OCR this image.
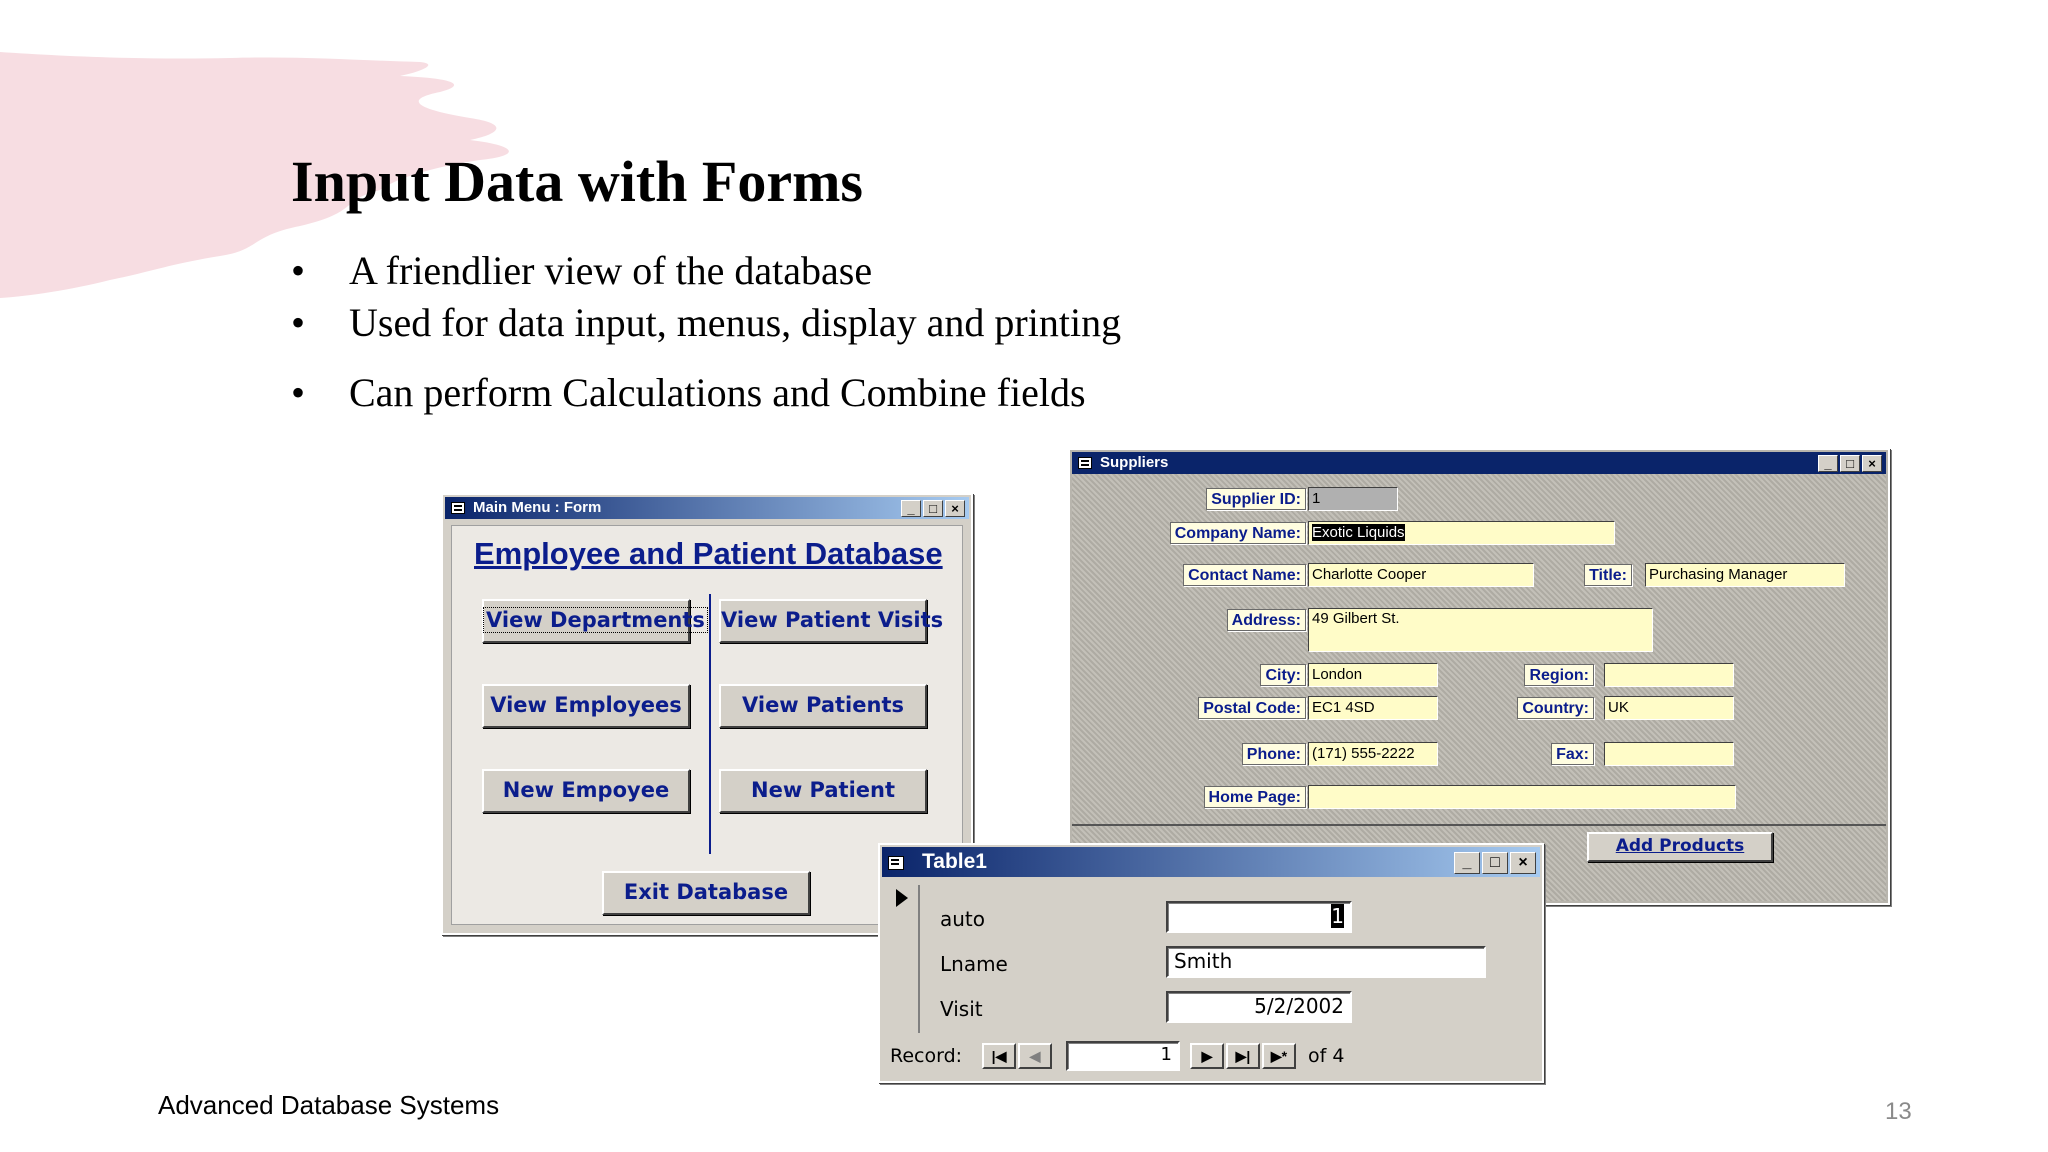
Input Data with Forms
• A friendlier view of the database
• Used for data input, menus, display and printing
• Can perform Calculations and Combine fields
Main Menu : Form	_	□	×
Employee and Patient Database
View Departments View Patient Visits
View Employees	View Patients
New Empoyee	New Patient
Exit Database
Suppliers	_	□	×
Supplier ID: 1
Company Name: Exotic Liquids
Contact Name: Charlotte Cooper	Title:	Purchasing Manager
Address: 49 Gilbert St.
City: London	Region:
Postal Code: EC1 4SD	Country:	UK
Phone: (171) 555-2222	Fax:
Home Page:
Add Products
Table1	_	□	×
auto	1
Lname	Smith
Visit	5/2/2002
Record:	|◀	◀	1	▶	▶|	▶*	of 4
Advanced Database Systems	13
